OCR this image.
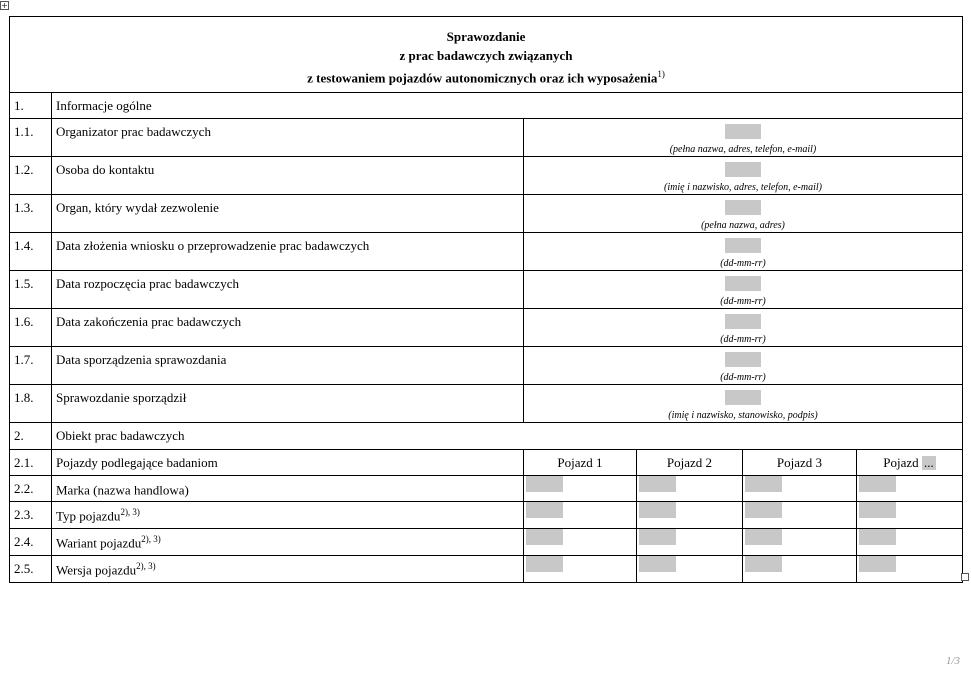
+
Sprawozdanie
z prac badawczych związanych
z testowaniem pojazdów autonomicznych oraz ich wyposażenia$^{1)}$

1.	Informacje ogólne				
1.1.	Organizator prac badawczych	(pełna nazwa, adres, telefon, e-mail)			

1.2.	Osoba do kontaktu	(imię i nazwisko, adres, telefon, e-mail)			

1.3.	Organ, który wydał zezwolenie	(pełna nazwa, adres)			

1.4.	Data złożenia wniosku o przeprowadzenie prac badawczych	(dd-mm-rr)			

1.5.	Data rozpoczęcia prac badawczych	(dd-mm-rr)			

1.6.	Data zakończenia prac badawczych	(dd-mm-rr)			

1.7.	Data sporządzenia sprawozdania	(dd-mm-rr)			

1.8.	Sprawozdanie sporządził	(imię i nazwisko, stanowisko, podpis)			

2.	Obiekt prac badawczych				
2.1.	Pojazdy podlegające badaniom	Pojazd 1	Pojazd 2	Pojazd 3	Pojazd ...
2.2.	Marka (nazwa handlowa)	

2.3.	Typ pojazdu$^{2), 3)}$	

2.4.	Wariant pojazdu$^{2), 3)}$	

2.5.	Wersja pojazdu$^{2), 3)}$	

1/3
